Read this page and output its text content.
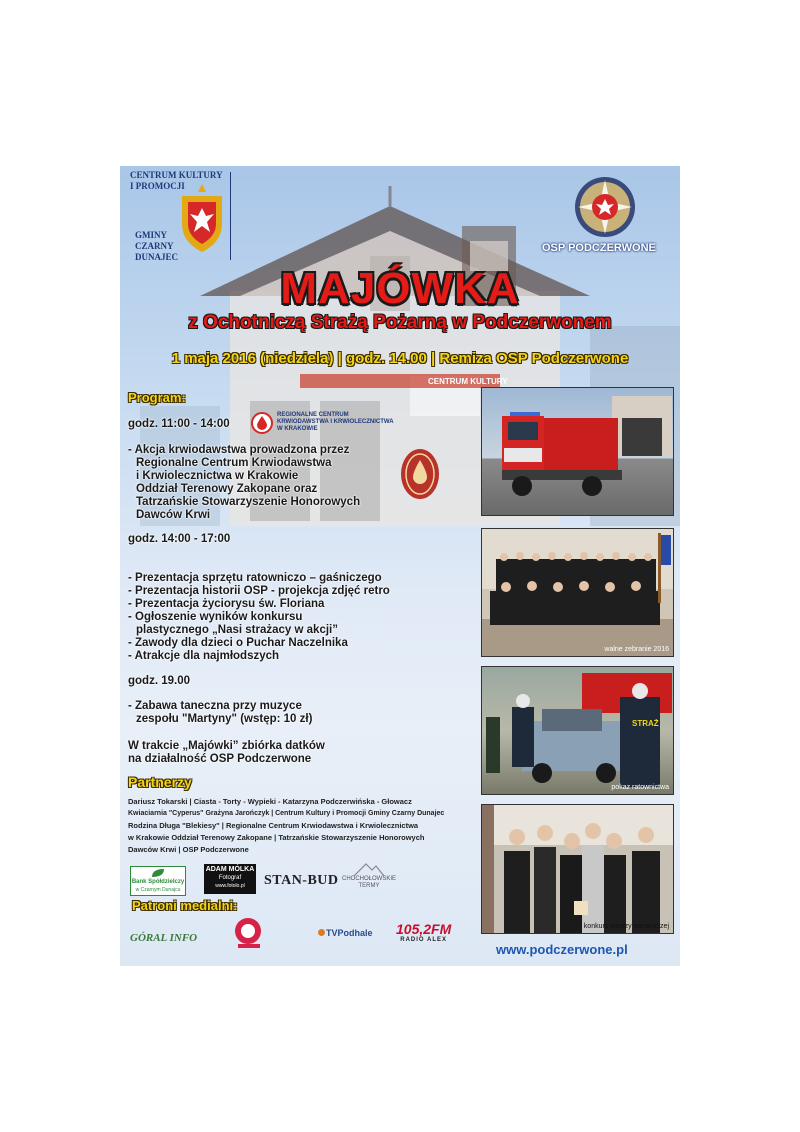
CENTRUM KULTURY
CENTRUM KULTURY
I PROMOCJI
GMINY
CZARNY
DUNAJEC
OSP PODCZERWONE
MAJÓWKA
z Ochotniczą Strażą Pożarną w Podczerwonem
1 maja 2016 (niedziela) | godz. 14.00 | Remiza OSP Podczerwone
Program:
godz. 11:00 - 14:00
REGIONALNE CENTRUM
KRWIODAWSTWA I KRWIOLECZNICTWA
W KRAKOWIE
- Akcja krwiodawstwa prowadzona przez
Regionalne Centrum Krwiodawstwa
i Krwiolecznictwa w Krakowie
Oddział Terenowy Zakopane oraz
Tatrzańskie Stowarzyszenie Honorowych
Dawców Krwi
godz. 14:00 - 17:00
- Prezentacja sprzętu ratowniczo – gaśniczego
- Prezentacja historii OSP - projekcja zdjęć retro
- Prezentacja życiorysu św. Floriana
- Ogłoszenie wyników konkursu
plastycznego „Nasi strażacy w akcji”
- Zawody dla dzieci o Puchar Naczelnika
- Atrakcje dla najmłodszych
godz. 19.00
- Zabawa taneczna przy muzyce
zespołu "Martyny" (wstęp: 10 zł)
W trakcie „Majówki” zbiórka datków
na działalność OSP Podczerwone
Partnerzy
Dariusz Tokarski | Ciasta - Torty - Wypieki - Katarzyna Podczerwińska - Głowacz
Kwiaciarnia "Cyperus" Grażyna Jarończyk | Centrum Kultury i Promocji Gminy Czarny Dunajec
Rodzina Długa "Blekiesy" | Regionalne Centrum Krwiodawstwa i Krwiolecznictwa
w Krakowie Oddział Terenowy Zakopane | Tatrzańskie Stowarzyszenie Honorowych
Dawców Krwi | OSP Podczerwone
Bank Spółdzielczy
w Czarnym Dunajcu
ADAM MÓLKA
Fotograf
www.fotolo.pl	STAN-BUD CHOCHOŁOWSKIE
TERMY
Patroni medialni:
GÓRAL INFO	TVPodhale 105,2FM
RADIO ALEX
walne zebranie 2016
STRAŻ
pokaz ratownictwa
konkurs wiedzy pożarniczej
www.podczerwone.pl
